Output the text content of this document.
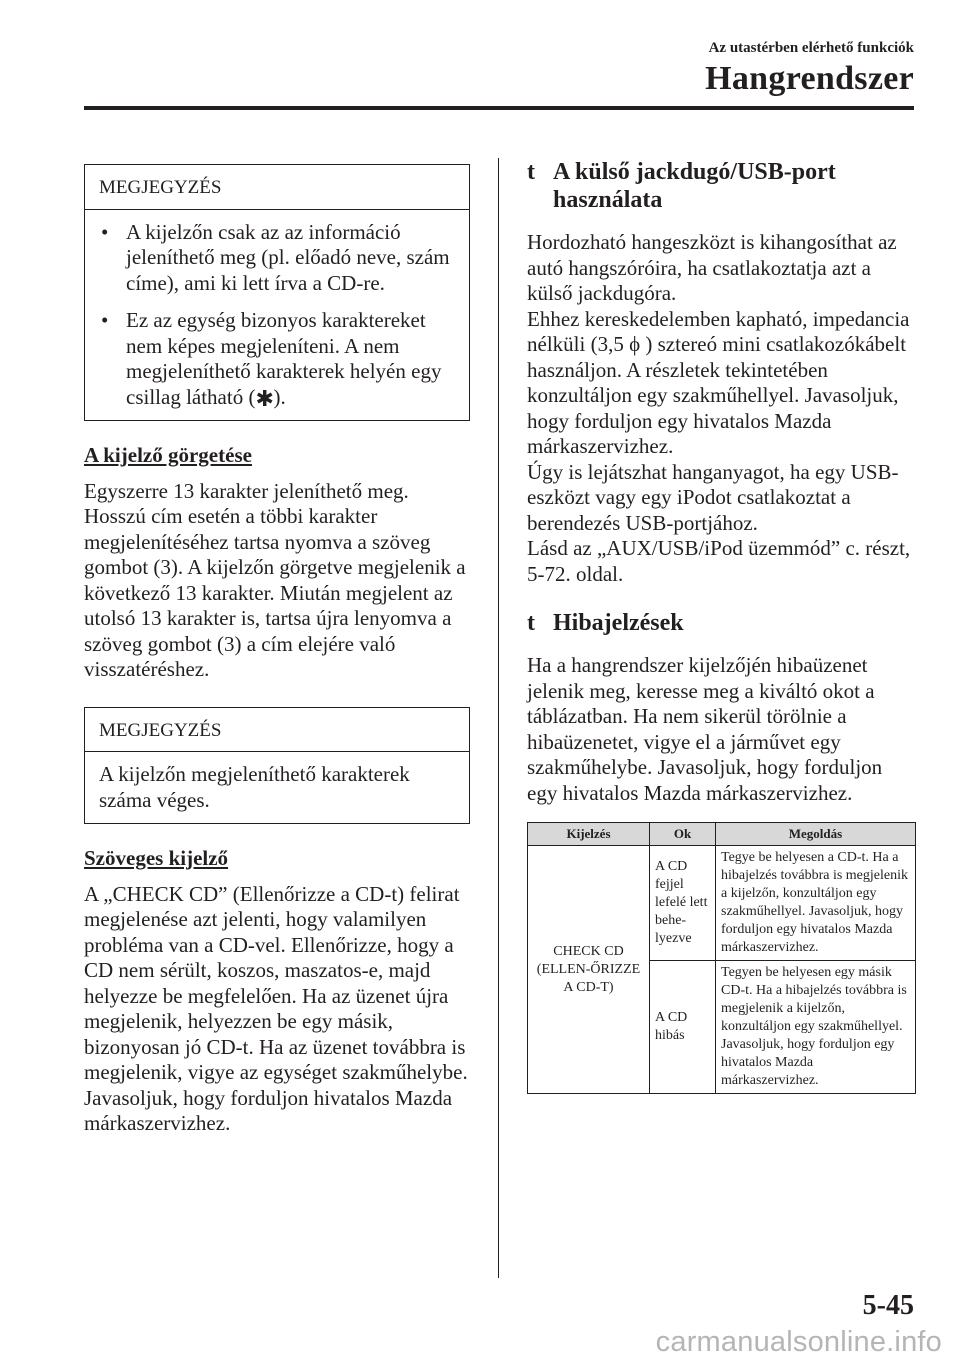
Az utastérben elérhető funkciók
Hangrendszer
MEGJEGYZÉS
• A kijelzőn csak az az információ jeleníthető meg (pl. előadó neve, szám címe), ami ki lett írva a CD-re.
• Ez az egység bizonyos karaktereket nem képes megjeleníteni. A nem megjeleníthető karakterek helyén egy csillag látható (✱).
A kijelző görgetése

Egyszerre 13 karakter jeleníthető meg. Hosszú cím esetén a többi karakter megjelenítéséhez tartsa nyomva a szöveg gombot (3). A kijelzőn görgetve megjelenik a következő 13 karakter. Miután megjelent az utolsó 13 karakter is, tartsa újra lenyomva a szöveg gombot (3) a cím elejére való visszatéréshez.

MEGJEGYZÉS
A kijelzőn megjeleníthető karakterek száma véges.
Szöveges kijelző

A „CHECK CD” (Ellenőrizze a CD-t) felirat megjelenése azt jelenti, hogy valamilyen probléma van a CD-vel. Ellenőrizze, hogy a CD nem sérült, koszos, maszatos-e, majd helyezze be megfelelően. Ha az üzenet újra megjelenik, helyezzen be egy másik, bizonyosan jó CD-t. Ha az üzenet továbbra is megjelenik, vigye az egységet szakműhelybe. Javasoljuk, hogy forduljon hivatalos Mazda márkaszervizhez.

t A külső jackdugó/USB-port használata

Hordozható hangeszközt is kihangosíthat az autó hangszóróira, ha csatlakoztatja azt a külső jackdugóra.

Ehhez kereskedelemben kapható, impedancia nélküli (3,5 ϕ ) sztereó mini csatlakozókábelt használjon. A részletek tekintetében konzultáljon egy szakműhellyel. Javasoljuk, hogy forduljon egy hivatalos Mazda márkaszervizhez.

Úgy is lejátszhat hanganyagot, ha egy USB-eszközt vagy egy iPodot csatlakoztat a berendezés USB-portjához.

Lásd az „AUX/USB/iPod üzemmód” c. részt, 5-72. oldal.

t Hibajelzések

Ha a hangrendszer kijelzőjén hibaüzenet jelenik meg, keresse meg a kiváltó okot a táblázatban. Ha nem sikerül törölnie a hibaüzenetet, vigye el a járművet egy szakműhelybe. Javasoljuk, hogy forduljon egy hivatalos Mazda márkaszervizhez.

Kijelzés	Ok	Megoldás
CHECK CD (ELLEN-ŐRIZZE A CD-T)	A CD fejjel lefelé lett behe-lyezve	Tegye be helyesen a CD-t. Ha a hibajelzés továbbra is megjelenik a kijelzőn, konzultáljon egy szakműhellyel. Javasoljuk, hogy forduljon egy hivatalos Mazda márkaszervizhez.
	A CD hibás	Tegyen be helyesen egy másik CD-t. Ha a hibajelzés továbbra is megjelenik a kijelzőn, konzultáljon egy szakműhellyel. Javasoljuk, hogy forduljon egy hivatalos Mazda márkaszervizhez.
5-45
carmanualsonline.info
